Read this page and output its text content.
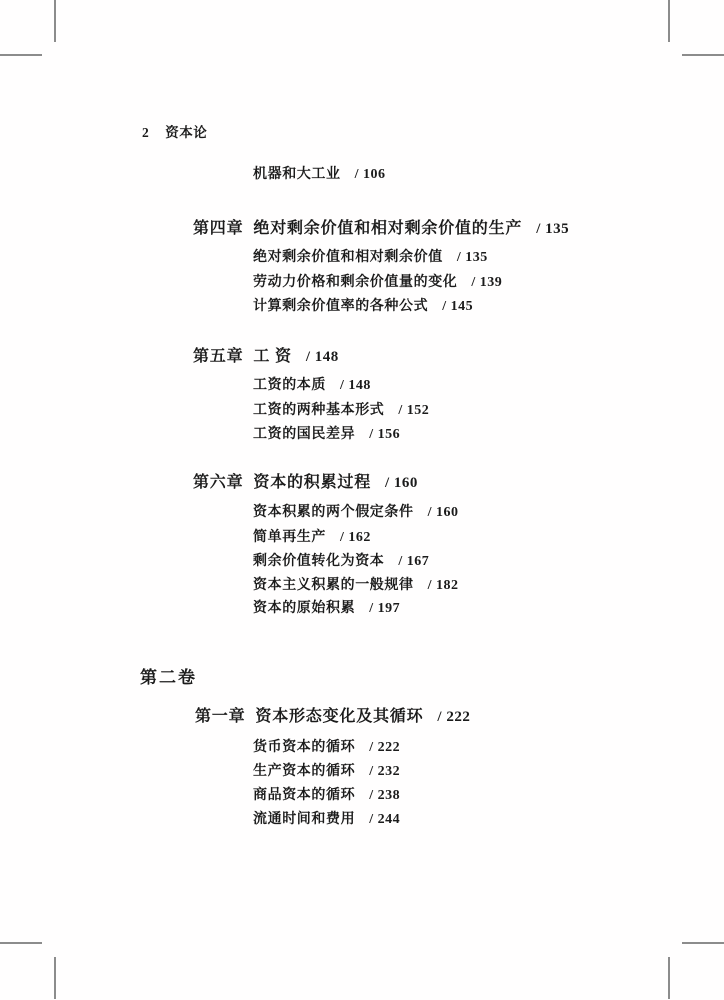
2 资本论
机器和大工业 / 106
第四章 绝对剩余价值和相对剩余价值的生产 / 135
绝对剩余价值和相对剩余价值 / 135
劳动力价格和剩余价值量的变化 / 139
计算剩余价值率的各种公式 / 145
第五章 工 资 / 148
工资的本质 / 148
工资的两种基本形式 / 152
工资的国民差异 / 156
第六章 资本的积累过程 / 160
资本积累的两个假定条件 / 160
简单再生产 / 162
剩余价值转化为资本 / 167
资本主义积累的一般规律 / 182
资本的原始积累 / 197
第二卷
第一章 资本形态变化及其循环 / 222
货币资本的循环 / 222
生产资本的循环 / 232
商品资本的循环 / 238
流通时间和费用 / 244
